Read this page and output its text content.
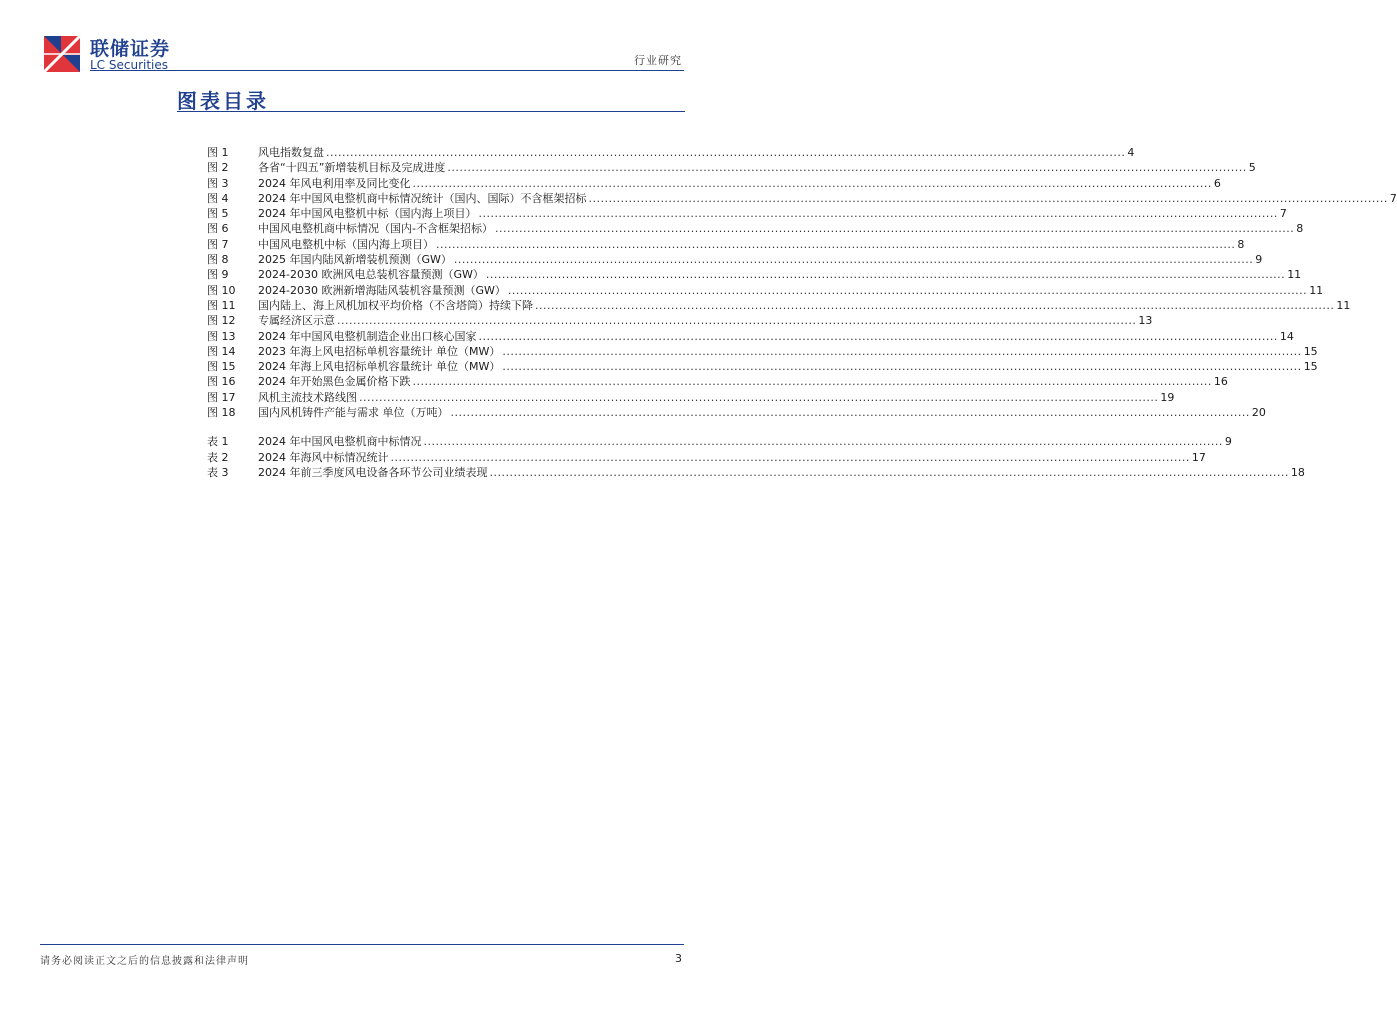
联储证券
LC Securities	行业研究
图表目录
图 1	风电指数复盘 ........................................................................................................................................................................................................ 4
图 2	各省“十四五”新增装机目标及完成进度 ........................................................................................................................................................................................................ 5
图 3	2024 年风电利用率及同比变化 ........................................................................................................................................................................................................ 6
图 4	2024 年中国风电整机商中标情况统计（国内、国际）不含框架招标 ........................................................................................................................................................................................................ 7
图 5	2024 年中国风电整机中标（国内海上项目） ........................................................................................................................................................................................................ 7
图 6	中国风电整机商中标情况（国内-不含框架招标） ........................................................................................................................................................................................................ 8
图 7	中国风电整机中标（国内海上项目） ........................................................................................................................................................................................................ 8
图 8	2025 年国内陆风新增装机预测（GW） ........................................................................................................................................................................................................ 9
图 9	2024-2030 欧洲风电总装机容量预测（GW） ........................................................................................................................................................................................................ 11
图 10	2024-2030 欧洲新增海陆风装机容量预测（GW） ........................................................................................................................................................................................................ 11
图 11	国内陆上、海上风机加权平均价格（不含塔筒）持续下降 ........................................................................................................................................................................................................ 11
图 12	专属经济区示意 ........................................................................................................................................................................................................ 13
图 13	2024 年中国风电整机制造企业出口核心国家 ........................................................................................................................................................................................................ 14
图 14	2023 年海上风电招标单机容量统计 单位（MW） ........................................................................................................................................................................................................ 15
图 15	2024 年海上风电招标单机容量统计 单位（MW） ........................................................................................................................................................................................................ 15
图 16	2024 年开始黑色金属价格下跌 ........................................................................................................................................................................................................ 16
图 17	风机主流技术路线图 ........................................................................................................................................................................................................ 19
图 18	国内风机铸件产能与需求 单位（万吨） ........................................................................................................................................................................................................ 20
表 1	2024 年中国风电整机商中标情况 ........................................................................................................................................................................................................ 9
表 2	2024 年海风中标情况统计 ........................................................................................................................................................................................................ 17
表 3	2024 年前三季度风电设备各环节公司业绩表现 ........................................................................................................................................................................................................ 18
请务必阅读正文之后的信息披露和法律声明	3
